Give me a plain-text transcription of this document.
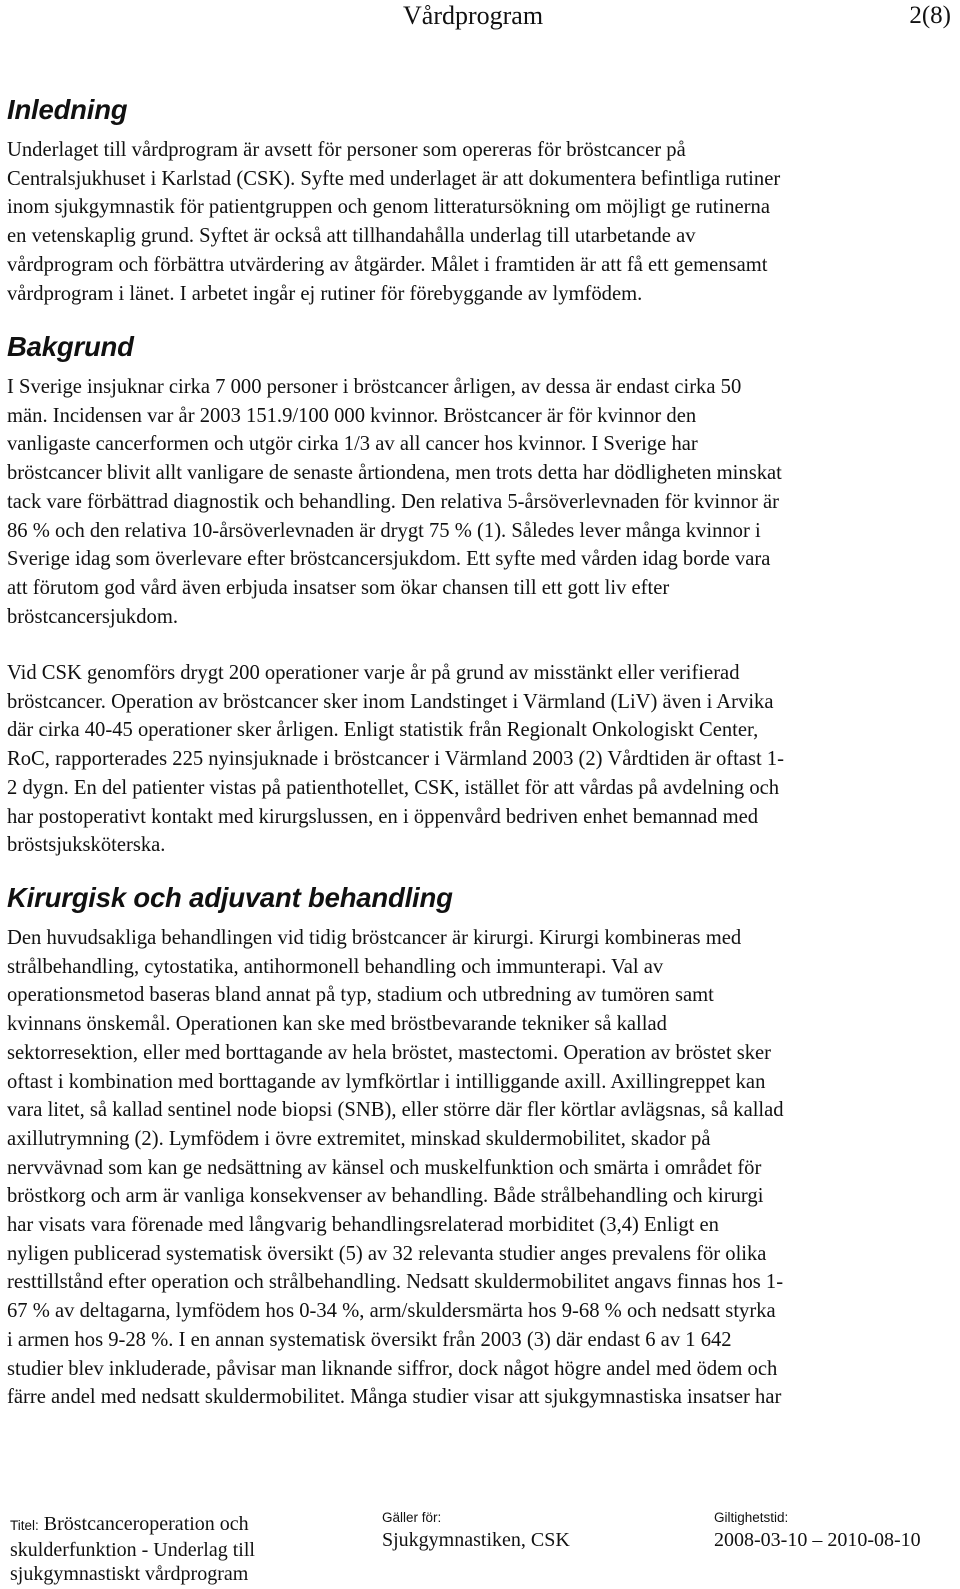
Vårdprogram	2(8)
Inledning
Underlaget till vårdprogram är avsett för personer som opereras för bröstcancer på
Centralsjukhuset i Karlstad (CSK). Syfte med underlaget är att dokumentera befintliga rutiner
inom sjukgymnastik för patientgruppen och genom litteratursökning om möjligt ge rutinerna
en vetenskaplig grund. Syftet är också att tillhandahålla underlag till utarbetande av
vårdprogram och förbättra utvärdering av åtgärder. Målet i framtiden är att få ett gemensamt
vårdprogram i länet. I arbetet ingår ej rutiner för förebyggande av lymfödem.
Bakgrund
I Sverige insjuknar cirka 7 000 personer i bröstcancer årligen, av dessa är endast cirka 50
män. Incidensen var år 2003 151.9/100 000 kvinnor. Bröstcancer är för kvinnor den
vanligaste cancerformen och utgör cirka 1/3 av all cancer hos kvinnor. I Sverige har
bröstcancer blivit allt vanligare de senaste årtiondena, men trots detta har dödligheten minskat
tack vare förbättrad diagnostik och behandling. Den relativa 5-årsöverlevnaden för kvinnor är
86 % och den relativa 10-årsöverlevnaden är drygt 75 % (1). Således lever många kvinnor i
Sverige idag som överlevare efter bröstcancersjukdom. Ett syfte med vården idag borde vara
att förutom god vård även erbjuda insatser som ökar chansen till ett gott liv efter
bröstcancersjukdom.
Vid CSK genomförs drygt 200 operationer varje år på grund av misstänkt eller verifierad
bröstcancer. Operation av bröstcancer sker inom Landstinget i Värmland (LiV) även i Arvika
där cirka 40-45 operationer sker årligen. Enligt statistik från Regionalt Onkologiskt Center,
RoC, rapporterades 225 nyinsjuknade i bröstcancer i Värmland 2003 (2) Vårdtiden är oftast 1-
2 dygn. En del patienter vistas på patienthotellet, CSK, istället för att vårdas på avdelning och
har postoperativt kontakt med kirurgslussen, en i öppenvård bedriven enhet bemannad med
bröstsjuksköterska.
Kirurgisk och adjuvant behandling
Den huvudsakliga behandlingen vid tidig bröstcancer är kirurgi. Kirurgi kombineras med
strålbehandling, cytostatika, antihormonell behandling och immunterapi. Val av
operationsmetod baseras bland annat på typ, stadium och utbredning av tumören samt
kvinnans önskemål. Operationen kan ske med bröstbevarande tekniker så kallad
sektorresektion, eller med borttagande av hela bröstet, mastectomi. Operation av bröstet sker
oftast i kombination med borttagande av lymfkörtlar i intilliggande axill. Axillingreppet kan
vara litet, så kallad sentinel node biopsi (SNB), eller större där fler körtlar avlägsnas, så kallad
axillutrymning (2). Lymfödem i övre extremitet, minskad skuldermobilitet, skador på
nervvävnad som kan ge nedsättning av känsel och muskelfunktion och smärta i området för
bröstkorg och arm är vanliga konsekvenser av behandling. Både strålbehandling och kirurgi
har visats vara förenade med långvarig behandlingsrelaterad morbiditet (3,4) Enligt en
nyligen publicerad systematisk översikt (5) av 32 relevanta studier anges prevalens för olika
resttillstånd efter operation och strålbehandling. Nedsatt skuldermobilitet angavs finnas hos 1-
67 % av deltagarna, lymfödem hos 0-34 %, arm/skuldersmärta hos 9-68 % och nedsatt styrka
i armen hos 9-28 %. I en annan systematisk översikt från 2003 (3) där endast 6 av 1 642
studier blev inkluderade, påvisar man liknande siffror, dock något högre andel med ödem och
färre andel med nedsatt skuldermobilitet. Många studier visar att sjukgymnastiska insatser har
Titel: Bröstcanceroperation och
skulderfunktion - Underlag till
sjukgymnastiskt vårdprogram
Gäller för:
Sjukgymnastiken, CSK
Giltighetstid:
2008-03-10 – 2010-08-10
